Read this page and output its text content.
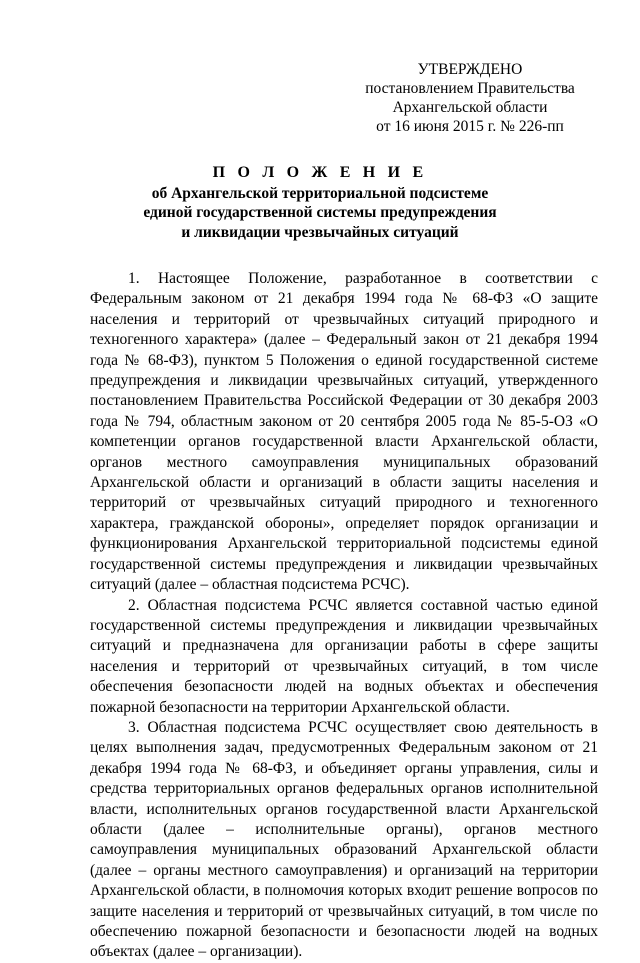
УТВЕРЖДЕНО
постановлением Правительства
Архангельской области
от 16 июня 2015 г. № 226-пп
П О Л О Ж Е Н И Е
об Архангельской территориальной подсистеме
единой государственной системы предупреждения
и ликвидации чрезвычайных ситуаций

1. Настоящее Положение, разработанное в соответствии с Федеральным законом от 21 декабря 1994 года № 68-ФЗ «О защите населения и территорий от чрезвычайных ситуаций природного и техногенного характера» (далее – Федеральный закон от 21 декабря 1994 года № 68-ФЗ), пунктом 5 Положения о единой государственной системе предупреждения и ликвидации чрезвычайных ситуаций, утвержденного постановлением Правительства Российской Федерации от 30 декабря 2003 года № 794, областным законом от 20 сентября 2005 года № 85-5-ОЗ «О компетенции органов государственной власти Архангельской области, органов местного самоуправления муниципальных образований Архангельской области и организаций в области защиты населения и территорий от чрезвычайных ситуаций природного и техногенного характера, гражданской обороны», определяет порядок организации и функционирования Архангельской территориальной подсистемы единой государственной системы предупреждения и ликвидации чрезвычайных ситуаций (далее – областная подсистема РСЧС).

2. Областная подсистема РСЧС является составной частью единой государственной системы предупреждения и ликвидации чрезвычайных ситуаций и предназначена для организации работы в сфере защиты населения и территорий от чрезвычайных ситуаций, в том числе обеспечения безопасности людей на водных объектах и обеспечения пожарной безопасности на территории Архангельской области.

3. Областная подсистема РСЧС осуществляет свою деятельность в целях выполнения задач, предусмотренных Федеральным законом от 21 декабря 1994 года № 68-ФЗ, и объединяет органы управления, силы и средства территориальных органов федеральных органов исполнительной власти, исполнительных органов государственной власти Архангельской области (далее – исполнительные органы), органов местного самоуправления муниципальных образований Архангельской области (далее – органы местного самоуправления) и организаций на территории Архангельской области, в полномочия которых входит решение вопросов по защите населения и территорий от чрезвычайных ситуаций, в том числе по обеспечению пожарной безопасности и безопасности людей на водных объектах (далее – организации).
